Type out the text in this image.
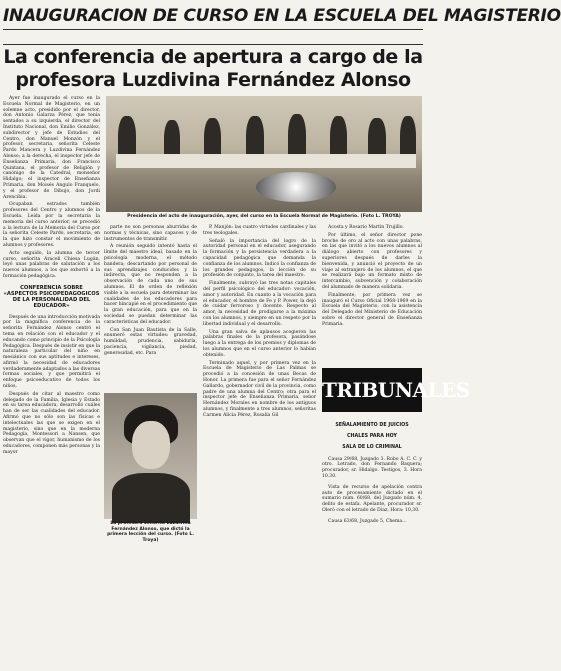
INAUGURACION DE CURSO EN LA ESCUELA DEL MAGISTERIO
La conferencia de apertura a cargo de la profesora Luzdivina Fernández Alonso

Ayer fue inaugurado el curso en la Escuela Normal de Magisterio, en un solemne acto, presidido por el director, don Antonio Galarza Pérez, que tenía sentados a su izquierda, el director del Instituto Nacional, don Emilio González, subdirector y jefe de Estudios del Centro, don Manuel Monzón y el profesor, secretaria, señorita Celeste Pardo Mancera y Luzdivina Fernández Alonso; a la derecha, el inspector jefe de Enseñanza Primaria, don Francisco Quintana, el profesor de Religión y canónigo de la Catedral, monseñor Hidalgo; el inspector de Enseñanza Primaria, don Moisés Angulo Franquelo, y el profesor de Dibujo, don Jordi Arencibia.

Ocupaban estrados también profesores del Centro y alumnos de la Escuela. Leída por la secretaria la memoria del curso anterior, se procedió a la lectura de la Memoria del Curso por la señorita Celeste Pardo, secretaria, en la que hizo constar el movimiento de alumnos y profesores.

Acto seguido, la alumna de tercer curso, señorita Araceli Chiesa Lugán, leyó unas palabras de salutación a los nuevos alumnos, a los que exhortó a la formación pedagógica.

CONFERENCIA SOBRE «ASPECTOS PSICOPEDAGOGICOS DE LA PERSONALIDAD DEL EDUCADOR»

Después de una introducción motivada por la magnífica conferencia de la señorita Fernández Alonso centró el tema en relación con el educador y el educando como principio de la Psicología Pedagógica. Después de insistir en que la naturaleza particular del niño en mesiánico con sus aptitudes e intereses, afirmó la necesidad de educadores verdaderamente adaptados a las diversas formas sociales, y que permitirá el enfoque psicoeducativo de todos los niños.

Después de citar al maestro como delegado de la Familia, Iglesia y Estado en su tarea educadora, desarrolló cuáles han de ser las cualidades del educador. Afirmó que no sólo son las físicas e intelectuales las que se exigen en el magisterio, sino que en la moderna Pedagogía, Montessori a Nansen, que observan que el vigor, humanismo de los educadores, componen más personas y la mayor

Presidencia del acto de inauguración, ayer, del curso en la Escuela Normal de Magisterio. (Foto L. TROYA)

parte no son personas aburridas de normas y técnicas, sino capaces y de instrumentos de transmitir.

A reunión seguido intentó hasta el límite del maestro ideal, basado en la psicología moderna, el método bandera; descartando por personal de sus aprendizajes conducidos y la indirecta, que no responden a la observación de cada uno de sus alumnos. El de orden de reflexión viable a la escuela para determinar las cualidades de los educadores para hacer hincapié en el procedimiento que la gran educación, para que en la sociedad se puedan determinar las características del educador.

Con San Juan Bautista de la Salle, enumeró estas virtudes: gravedad, humildad, prudencia, sabiduría, paciencia, vigilancia, piedad, generosidad, etc. Para

La profesora señorita Luzdivina Fernández Alonso, que dictó la primera lección del curso. (Foto L. Troya)

P. Manjón: las cuatro virtudes cardinales y las tres teologales.

Señaló la importancia del logro de la autoridad personal en el educador, asegurando la formación y la persistencia verdadera a la capacidad pedagógica que demanda la confianza de los alumnos. Indicó la confianza de los grandes pedagogos, la lección de su profesión de conjunto, la tarea del maestro.

Finalmente, subrayó las tres notas capitales del perfil psicológico del educador: vocación, amor y autoridad. En cuanto a la vocación para el educador, el hombre de Fe y P. Power, la dejó de cuidar fervoroso y docente. Respecto al amor, la necesidad de prodigarse a la máxima con los alumnos, y siempre en un respeto por la libertad individual y el desarrollo.

Una gran salva de aplausos acogieron las palabras finales de la profesora, pasándose luego a la entrega de los premios y diplomas de los alumnos que en el curso anterior lo habían obtenido.

Terminado aquel, y por primera vez en la Escuela de Magisterio de Las Palmas se procedió a la concesión de unas Becas de Honor. La primera fue para el señor Fernández Gallardo, gobernador civil de la provincia, como padre de una alumna del Centro; otra para el inspector jefe de Enseñanza Primaria, señor Hernández Morales en nombre de los antiguos alumnos, y finalmente a tres alumnos, señoritas Carmen Alicia Pérez, Rosalía Gil

Acosta y Rosario Martín Trujillo.

Por último, el señor director pone broche de oro al acto con unas palabras, en las que invitó a los nuevos alumnos al diálogo abierto con profesores y superiores después de darles la bienvenida, y anunció el proyecto de un viaje al extranjero de los alumnos, el que se realizará bajo un formato mixto de intercambio, subvención y colaboración del alumnado de manera solidaria.

Finalmente, por primera vez se inauguró el Curso Oficial 1968-1969 en la Escuela del Magisterio, con la asistencia del Delegado del Ministerio de Educación sobre el director general de Enseñanza Primaria.

TRIBUNALES
SEÑALAMIENTO DE JUICIOS
CHALES PARA HOY
SALA DE LO CRIMINAL

Causa 29/68, Juzgado 3. Robo A. C. C. y otro. Letrado, don Fernando Baquera; procurador, sr. Hidalgo. Testigos, 3. Hora 10.30.

Vista de recurso de apelación contra auto de procesamiento dictado en el sumario núm. 60/68, del Juzgado núm. 4, delito de estafa. Apelante, procurador sr. Oleró con el letrado de Díaz, Hora: 10,30.

Causa 63/68, Juzgado 5, Chema…
